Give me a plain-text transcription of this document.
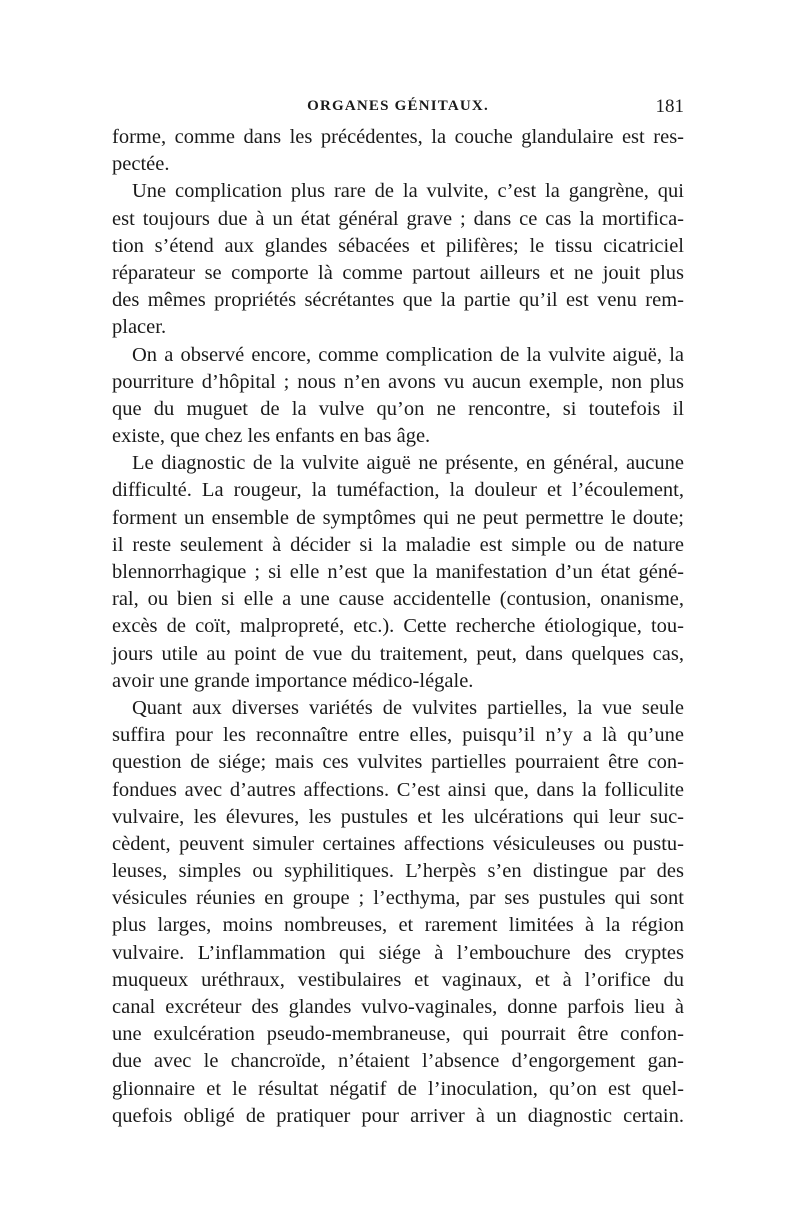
ORGANES GÉNITAUX.	181
forme, comme dans les précédentes, la couche glandulaire est res-
pectée.
Une complication plus rare de la vulvite, c’est la gangrène, qui
est toujours due à un état général grave ; dans ce cas la mortifica-
tion s’étend aux glandes sébacées et pilifères; le tissu cicatriciel
réparateur se comporte là comme partout ailleurs et ne jouit plus
des mêmes propriétés sécrétantes que la partie qu’il est venu rem-
placer.
On a observé encore, comme complication de la vulvite aiguë, la
pourriture d’hôpital ; nous n’en avons vu aucun exemple, non plus
que du muguet de la vulve qu’on ne rencontre, si toutefois il
existe, que chez les enfants en bas âge.
Le diagnostic de la vulvite aiguë ne présente, en général, aucune
difficulté. La rougeur, la tuméfaction, la douleur et l’écoulement,
forment un ensemble de symptômes qui ne peut permettre le doute;
il reste seulement à décider si la maladie est simple ou de nature
blennorrhagique ; si elle n’est que la manifestation d’un état géné-
ral, ou bien si elle a une cause accidentelle (contusion, onanisme,
excès de coït, malpropreté, etc.). Cette recherche étiologique, tou-
jours utile au point de vue du traitement, peut, dans quelques cas,
avoir une grande importance médico-légale.
Quant aux diverses variétés de vulvites partielles, la vue seule
suffira pour les reconnaître entre elles, puisqu’il n’y a là qu’une
question de siége; mais ces vulvites partielles pourraient être con-
fondues avec d’autres affections. C’est ainsi que, dans la folliculite
vulvaire, les élevures, les pustules et les ulcérations qui leur suc-
cèdent, peuvent simuler certaines affections vésiculeuses ou pustu-
leuses, simples ou syphilitiques. L’herpès s’en distingue par des
vésicules réunies en groupe ; l’ecthyma, par ses pustules qui sont
plus larges, moins nombreuses, et rarement limitées à la région
vulvaire. L’inflammation qui siége à l’embouchure des cryptes
muqueux uréthraux, vestibulaires et vaginaux, et à l’orifice du
canal excréteur des glandes vulvo-vaginales, donne parfois lieu à
une exulcération pseudo-membraneuse, qui pourrait être confon-
due avec le chancroïde, n’étaient l’absence d’engorgement gan-
glionnaire et le résultat négatif de l’inoculation, qu’on est quel-
quefois obligé de pratiquer pour arriver à un diagnostic certain.
